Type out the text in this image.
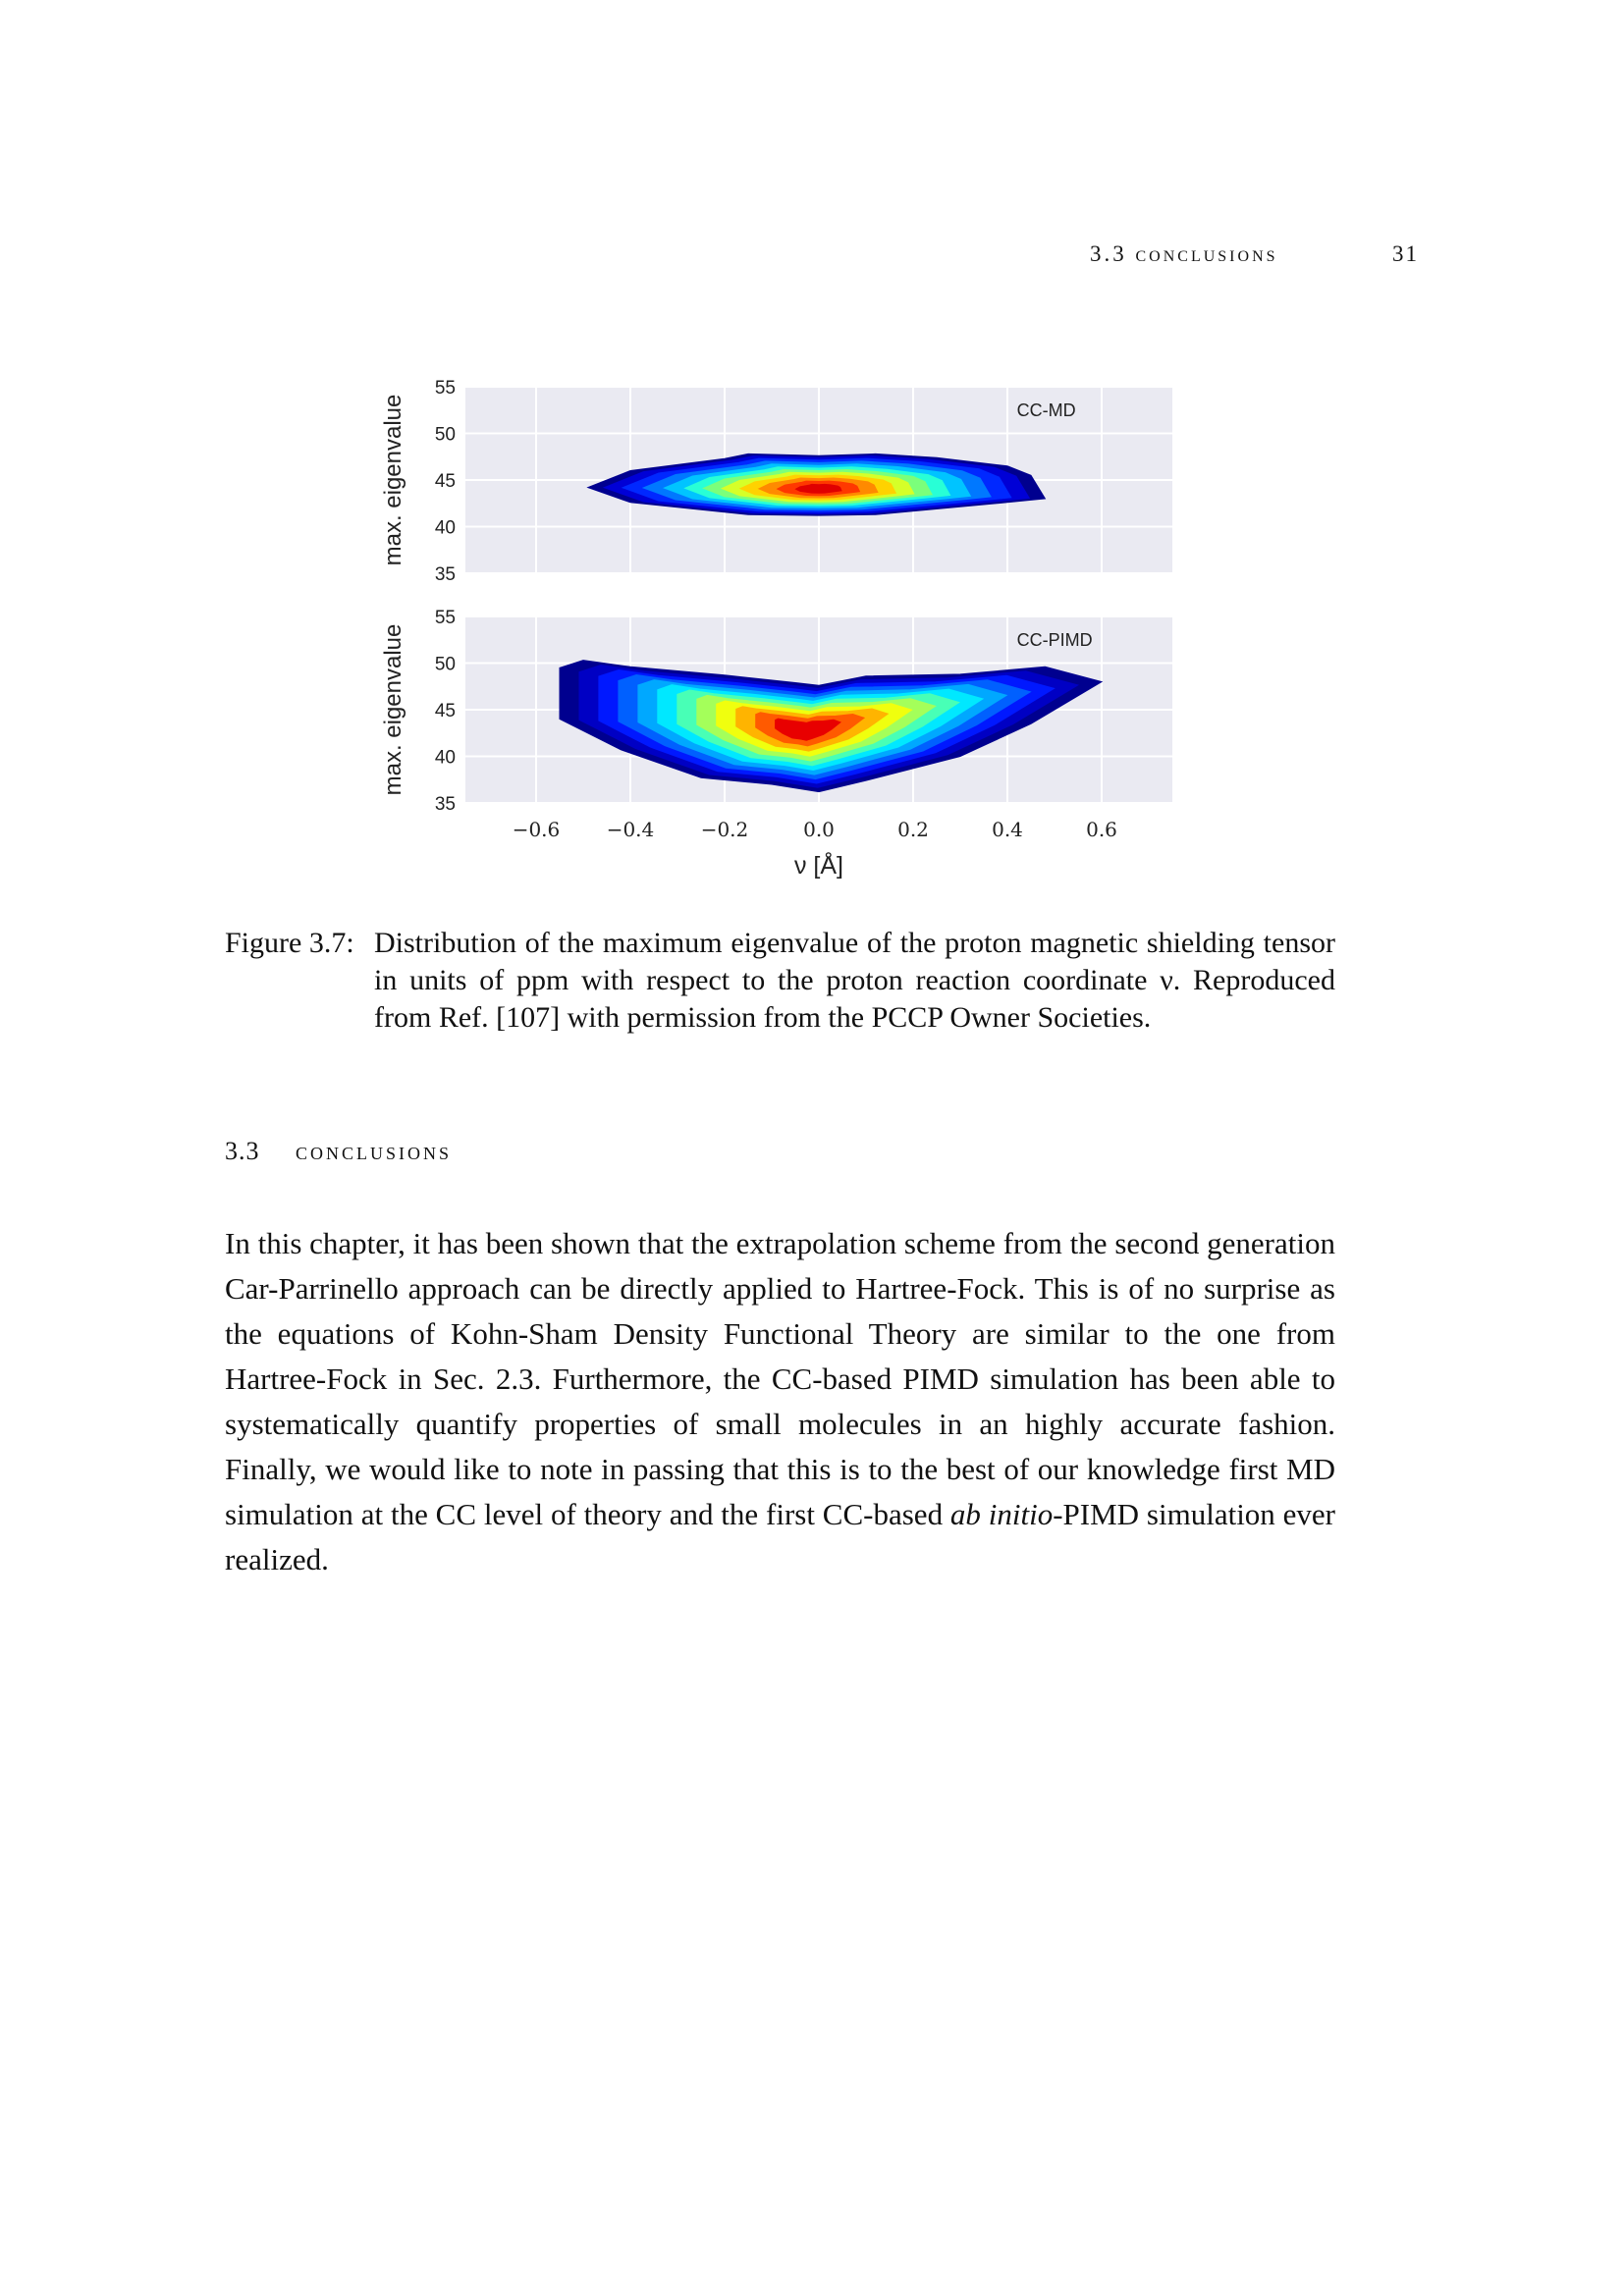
3.3 conclusions	31
CC-MD
35
40
45
50
55
max. eigenvalue
CC-PIMD
35
40
45
50
55
max. eigenvalue
−0.6 −0.4 −0.2	0.0	0.2	0.4	0.6
ν [Å]
Figure 3.7: Distribution of the maximum eigenvalue of the proton magnetic shielding tensor in units of ppm with respect to the proton reaction coordinate ν. Reproduced from Ref. [107] with permission from the PCCP Owner Societies.
3.3 conclusions
In this chapter, it has been shown that the extrapolation scheme from the second generation Car-Parrinello approach can be directly applied to Hartree-Fock. This is of no surprise as the equations of Kohn-Sham Density Functional Theory are similar to the one from Hartree-Fock in Sec. 2.3. Furthermore, the CC-based PIMD simulation has been able to systematically quantify properties of small molecules in an highly accurate fashion. Finally, we would like to note in passing that this is to the best of our knowledge first MD simulation at the CC level of theory and the first CC-based ab initio-PIMD simulation ever realized.
